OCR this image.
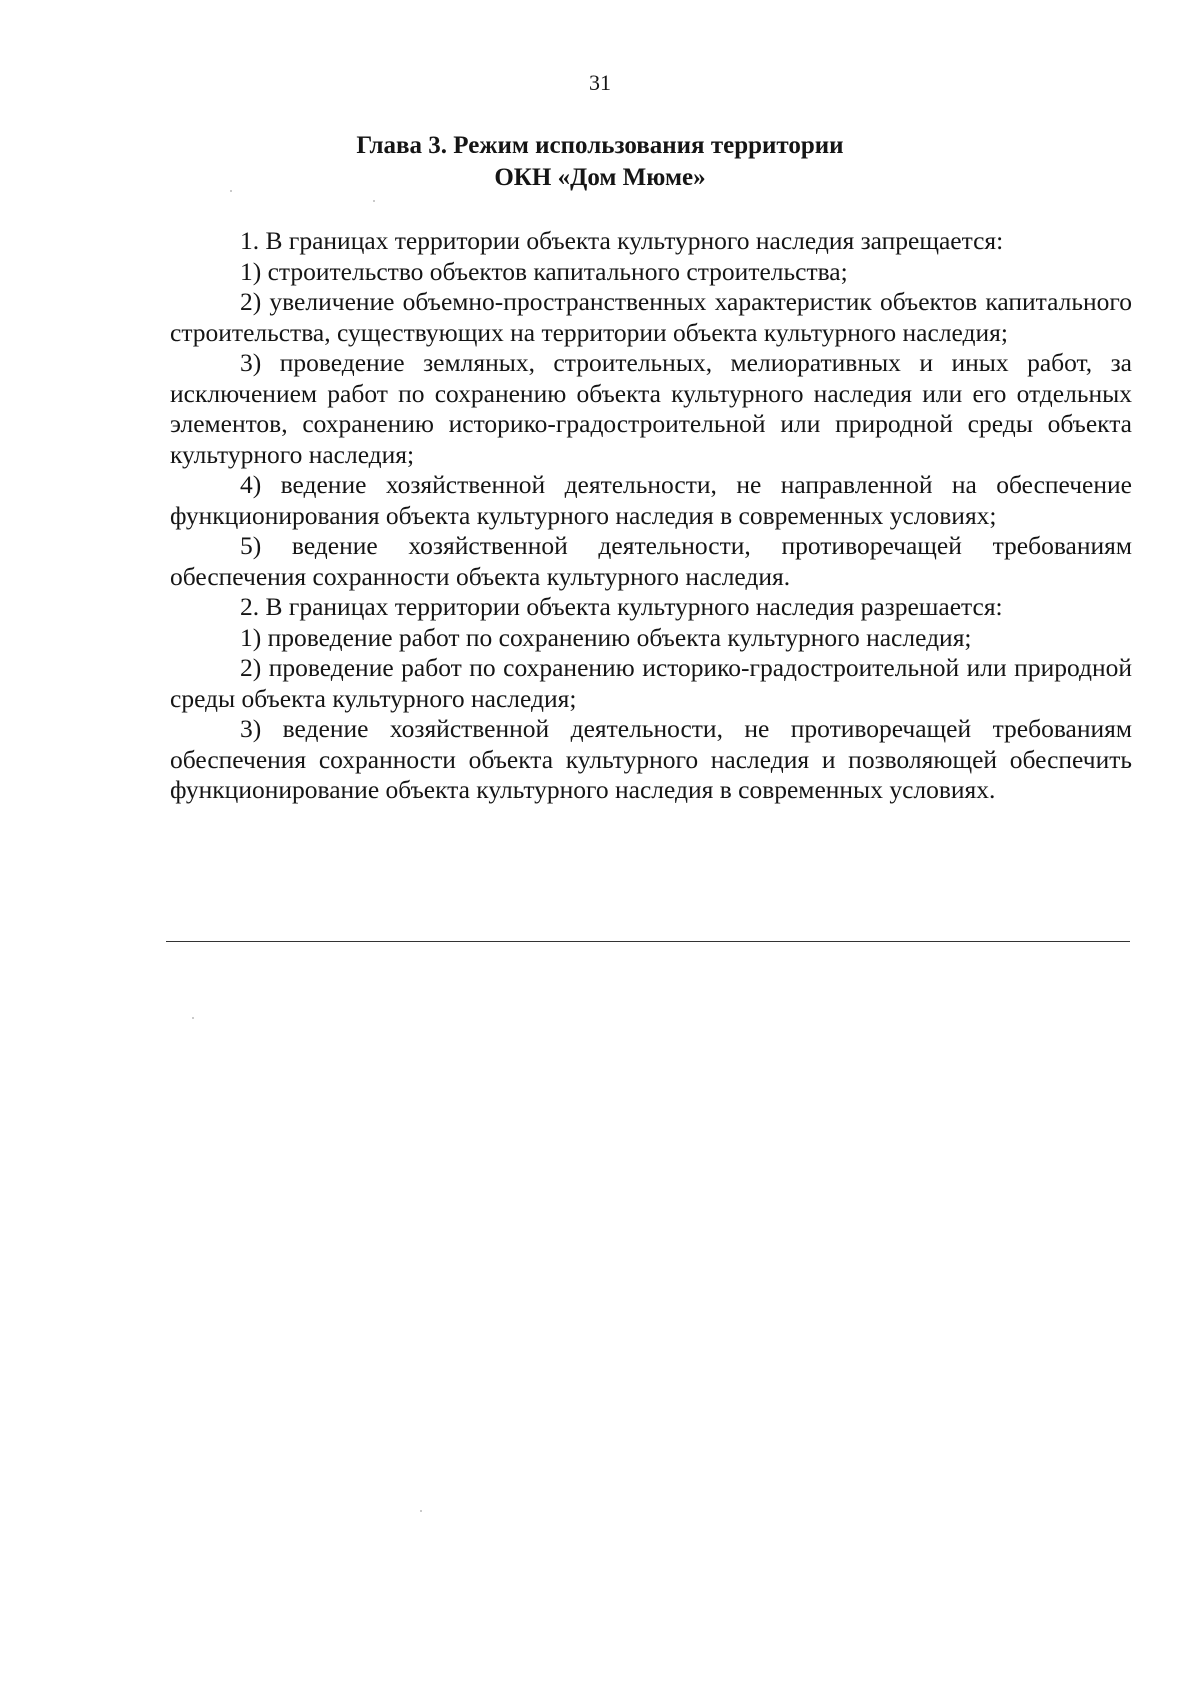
31
Глава 3. Режим использования территории
ОКН «Дом Мюме»

1. В границах территории объекта культурного наследия запрещается:

1) строительство объектов капитального строительства;

2) увеличение объемно-пространственных характеристик объектов капитального строительства, существующих на территории объекта культурного наследия;

3) проведение земляных, строительных, мелиоративных и иных работ, за исключением работ по сохранению объекта культурного наследия или его отдельных элементов, сохранению историко-градостроительной или природной среды объекта культурного наследия;

4) ведение хозяйственной деятельности, не направленной на обеспечение функционирования объекта культурного наследия в современных условиях;

5) ведение хозяйственной деятельности, противоречащей требованиям обеспечения сохранности объекта культурного наследия.

2. В границах территории объекта культурного наследия разрешается:

1) проведение работ по сохранению объекта культурного наследия;

2) проведение работ по сохранению историко-градостроительной или природной среды объекта культурного наследия;

3) ведение хозяйственной деятельности, не противоречащей требованиям обеспечения сохранности объекта культурного наследия и позволяющей обеспечить функционирование объекта культурного наследия в современных условиях.
